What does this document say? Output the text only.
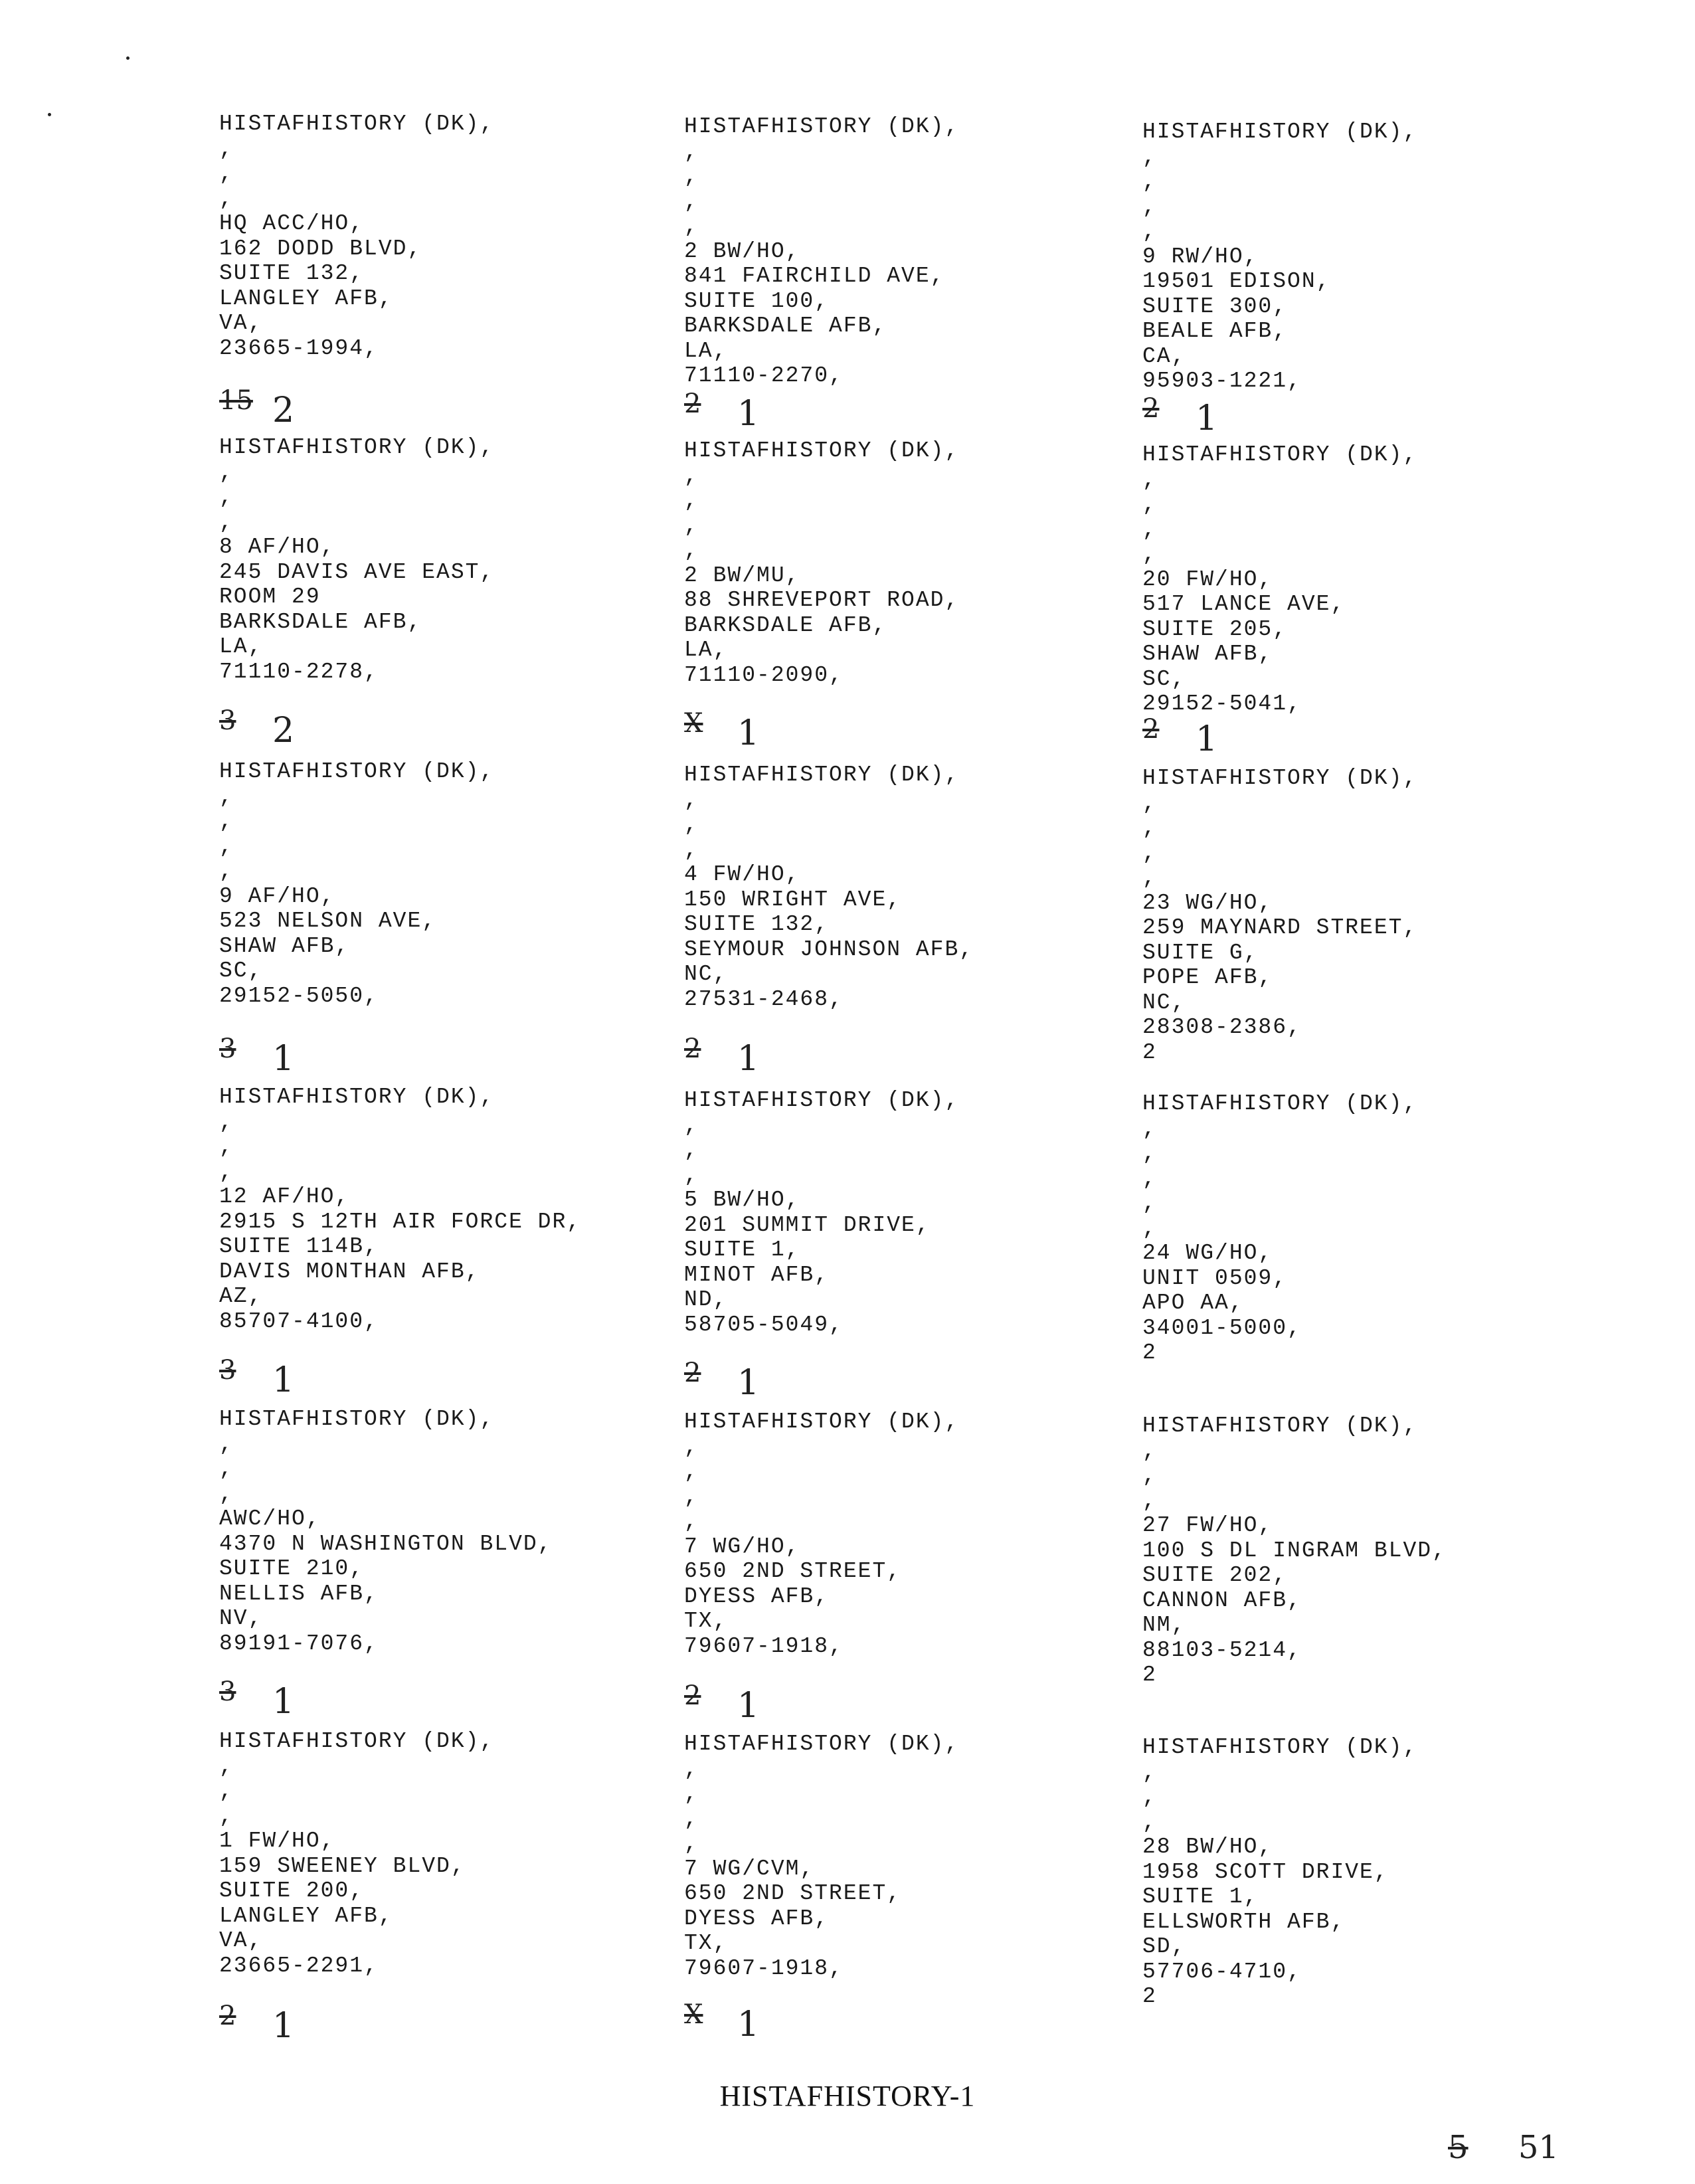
HISTAFHISTORY (DK),
,
,
,
HQ ACC/HO,
162 DODD BLVD,
SUITE 132,
LANGLEY AFB,
VA,
23665-1994,
15 2
HISTAFHISTORY (DK),
,
,
,
8 AF/HO,
245 DAVIS AVE EAST,
ROOM 29
BARKSDALE AFB,
LA,
71110-2278,
3 2
HISTAFHISTORY (DK),
,
,
,
,
9 AF/HO,
523 NELSON AVE,
SHAW AFB,
SC,
29152-5050,
3 1
HISTAFHISTORY (DK),
,
,
,
12 AF/HO,
2915 S 12TH AIR FORCE DR,
SUITE 114B,
DAVIS MONTHAN AFB,
AZ,
85707-4100,
3 1
HISTAFHISTORY (DK),
,
,
,
AWC/HO,
4370 N WASHINGTON BLVD,
SUITE 210,
NELLIS AFB,
NV,
89191-7076,
3 1
HISTAFHISTORY (DK),
,
,
,
1 FW/HO,
159 SWEENEY BLVD,
SUITE 200,
LANGLEY AFB,
VA,
23665-2291,
2 1
HISTAFHISTORY (DK),
,
,
,
,
2 BW/HO,
841 FAIRCHILD AVE,
SUITE 100,
BARKSDALE AFB,
LA,
71110-2270,
2 1
HISTAFHISTORY (DK),
,
,
,
,
2 BW/MU,
88 SHREVEPORT ROAD,
BARKSDALE AFB,
LA,
71110-2090,
X 1
HISTAFHISTORY (DK),
,
,
,
4 FW/HO,
150 WRIGHT AVE,
SUITE 132,
SEYMOUR JOHNSON AFB,
NC,
27531-2468,
2 1
HISTAFHISTORY (DK),
,
,
,
5 BW/HO,
201 SUMMIT DRIVE,
SUITE 1,
MINOT AFB,
ND,
58705-5049,
2 1
HISTAFHISTORY (DK),
,
,
,
,
7 WG/HO,
650 2ND STREET,
DYESS AFB,
TX,
79607-1918,
2 1
HISTAFHISTORY (DK),
,
,
,
,
7 WG/CVM,
650 2ND STREET,
DYESS AFB,
TX,
79607-1918,
X 1
HISTAFHISTORY (DK),
,
,
,
,
9 RW/HO,
19501 EDISON,
SUITE 300,
BEALE AFB,
CA,
95903-1221,
2 1
HISTAFHISTORY (DK),
,
,
,
,
20 FW/HO,
517 LANCE AVE,
SUITE 205,
SHAW AFB,
SC,
29152-5041,
2 1
HISTAFHISTORY (DK),
,
,
,
,
23 WG/HO,
259 MAYNARD STREET,
SUITE G,
POPE AFB,
NC,
28308-2386,
2
HISTAFHISTORY (DK),
,
,
,
,
,
24 WG/HO,
UNIT 0509,
APO AA,
34001-5000,
2
HISTAFHISTORY (DK),
,
,
,
27 FW/HO,
100 S DL INGRAM BLVD,
SUITE 202,
CANNON AFB,
NM,
88103-5214,
2
HISTAFHISTORY (DK),
,
,
,
28 BW/HO,
1958 SCOTT DRIVE,
SUITE 1,
ELLSWORTH AFB,
SD,
57706-4710,
2
HISTAFHISTORY-1
5 51
